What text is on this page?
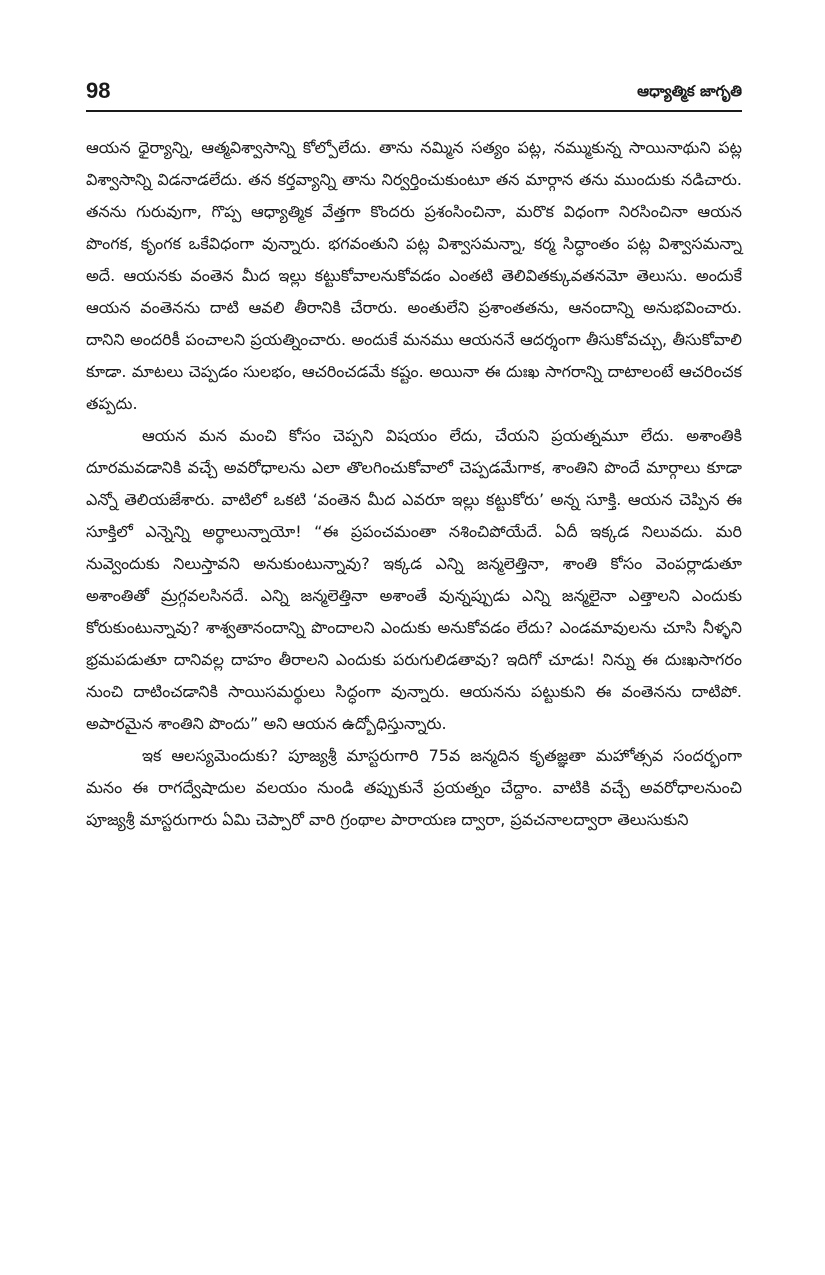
98	ఆధ్యాత్మిక జాగృతి

ఆయన ధైర్యాన్ని, ఆత్మవిశ్వాసాన్ని కోల్పోలేదు. తాను నమ్మిన సత్యం పట్ల, నమ్ముకున్న సాయినాథుని పట్ల విశ్వాసాన్ని విడనాడలేదు. తన కర్తవ్యాన్ని తాను నిర్వర్తించుకుంటూ తన మార్గాన తను ముందుకు నడిచారు. తనను గురువుగా, గొప్ప ఆధ్యాత్మిక వేత్తగా కొందరు ప్రశంసించినా, మరొక విధంగా నిరసించినా ఆయన పొంగక, కృంగక ఒకేవిధంగా వున్నారు. భగవంతుని పట్ల విశ్వాసమన్నా, కర్మ సిద్ధాంతం పట్ల విశ్వాసమన్నా అదే. ఆయనకు వంతెన మీద ఇల్లు కట్టుకోవాలనుకోవడం ఎంతటి తెలివితక్కువతనమో తెలుసు. అందుకే ఆయన వంతెనను దాటి ఆవలి తీరానికి చేరారు. అంతులేని ప్రశాంతతను, ఆనందాన్ని అనుభవించారు. దానిని అందరికీ పంచాలని ప్రయత్నించారు. అందుకే మనము ఆయననే ఆదర్శంగా తీసుకోవచ్చు, తీసుకోవాలి కూడా. మాటలు చెప్పడం సులభం, ఆచరించడమే కష్టం. అయినా ఈ దుఃఖ సాగరాన్ని దాటాలంటే ఆచరించక తప్పదు.

ఆయన మన మంచి కోసం చెప్పని విషయం లేదు, చేయని ప్రయత్నమూ లేదు. అశాంతికి దూరమవడానికి వచ్చే అవరోధాలను ఎలా తొలగించుకోవాలో చెప్పడమేగాక, శాంతిని పొందే మార్గాలు కూడా ఎన్నో తెలియజేశారు. వాటిలో ఒకటి ‘వంతెన మీద ఎవరూ ఇల్లు కట్టుకోరు’ అన్న సూక్తి. ఆయన చెప్పిన ఈ సూక్తిలో ఎన్నెన్ని అర్థాలున్నాయో! “ఈ ప్రపంచమంతా నశించిపోయేదే. ఏదీ ఇక్కడ నిలువదు. మరి నువ్వెందుకు నిలుస్తావని అనుకుంటున్నావు? ఇక్కడ ఎన్ని జన్మలెత్తినా, శాంతి కోసం వెంపర్లాడుతూ అశాంతితో మ్రగ్గవలసినదే. ఎన్ని జన్మలెత్తినా అశాంతే వున్నప్పుడు ఎన్ని జన్మలైనా ఎత్తాలని ఎందుకు కోరుకుంటున్నావు? శాశ్వతానందాన్ని పొందాలని ఎందుకు అనుకోవడం లేదు? ఎండమావులను చూసి నీళ్ళని భ్రమపడుతూ దానివల్ల దాహం తీరాలని ఎందుకు పరుగులిడతావు? ఇదిగో చూడు! నిన్ను ఈ దుఃఖసాగరం నుంచి దాటించడానికి సాయిసమర్థులు సిద్ధంగా వున్నారు. ఆయనను పట్టుకుని ఈ వంతెనను దాటిపో. అపారమైన శాంతిని పొందు” అని ఆయన ఉద్బోధిస్తున్నారు.

ఇక ఆలస్యమెందుకు? పూజ్యశ్రీ మాస్టరుగారి 75వ జన్మదిన కృతజ్ఞతా మహోత్సవ సందర్భంగా మనం ఈ రాగద్వేషాదుల వలయం నుండి తప్పుకునే ప్రయత్నం చేద్దాం. వాటికి వచ్చే అవరోధాలనుంచి పూజ్యశ్రీ మాస్టరుగారు ఏమి చెప్పారో వారి గ్రంథాల పారాయణ ద్వారా, ప్రవచనాలద్వారా తెలుసుకుని
